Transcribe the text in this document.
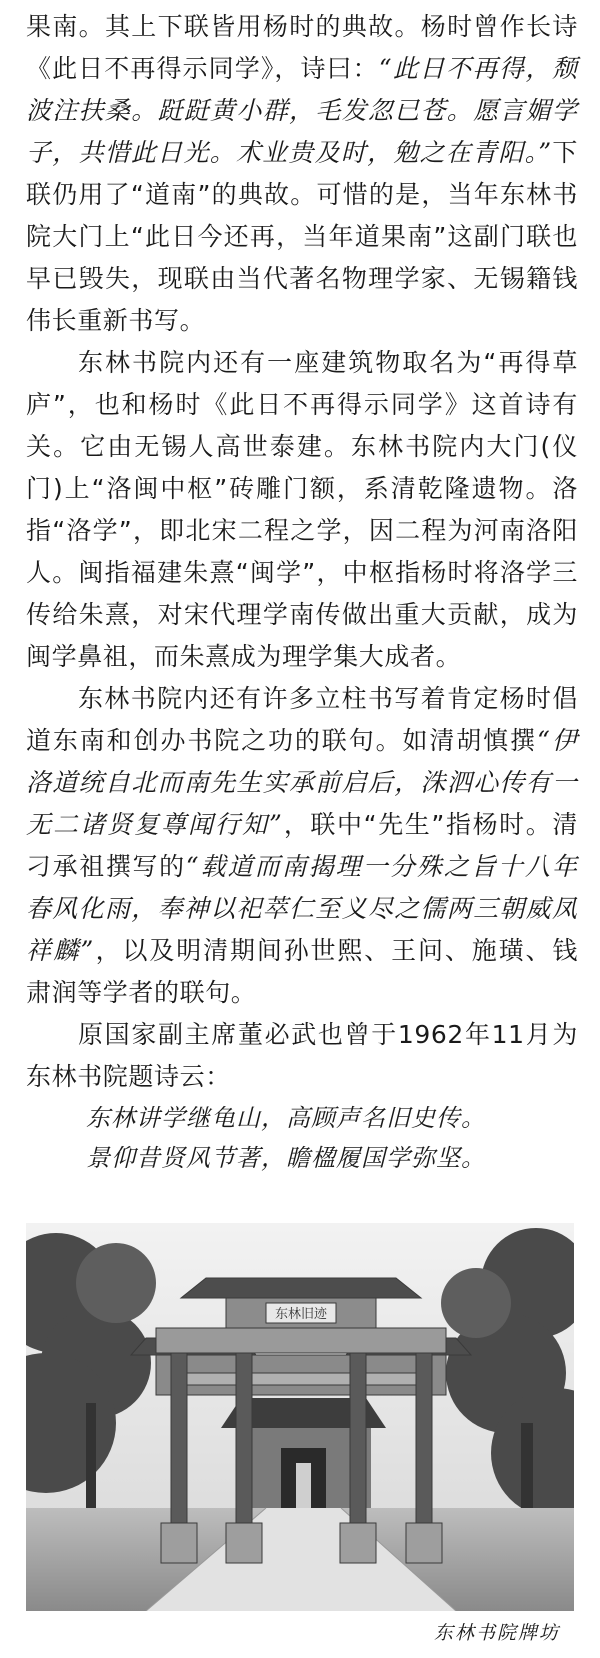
果南。其上下联皆用杨时的典故。杨时曾作长诗《此日不再得示同学》，诗曰：“此日不再得，颓波注扶桑。跹跹黄小群，毛发忽已苍。愿言媚学子，共惜此日光。术业贵及时，勉之在青阳。”下联仍用了“道南”的典故。可惜的是，当年东林书院大门上“此日今还再，当年道果南”这副门联也早已毁失，现联由当代著名物理学家、无锡籍钱伟长重新书写。

东林书院内还有一座建筑物取名为“再得草庐”，也和杨时《此日不再得示同学》这首诗有关。它由无锡人高世泰建。东林书院内大门(仪门)上“洛闽中枢”砖雕门额，系清乾隆遗物。洛指“洛学”，即北宋二程之学，因二程为河南洛阳人。闽指福建朱熹“闽学”，中枢指杨时将洛学三传给朱熹，对宋代理学南传做出重大贡献，成为闽学鼻祖，而朱熹成为理学集大成者。

东林书院内还有许多立柱书写着肯定杨时倡道东南和创办书院之功的联句。如清胡慎撰“伊洛道统自北而南先生实承前启后，洙泗心传有一无二诸贤复尊闻行知”，联中“先生”指杨时。清刁承祖撰写的“载道而南揭理一分殊之旨十八年春风化雨，奉神以祀萃仁至义尽之儒两三朝威凤祥麟”，以及明清期间孙世熙、王问、施璜、钱肃润等学者的联句。

原国家副主席董必武也曾于1962年11月为东林书院题诗云：

东林讲学继龟山，高顾声名旧史传。

景仰昔贤风节著，瞻楹履国学弥坚。

东林旧迹
东林书院牌坊
